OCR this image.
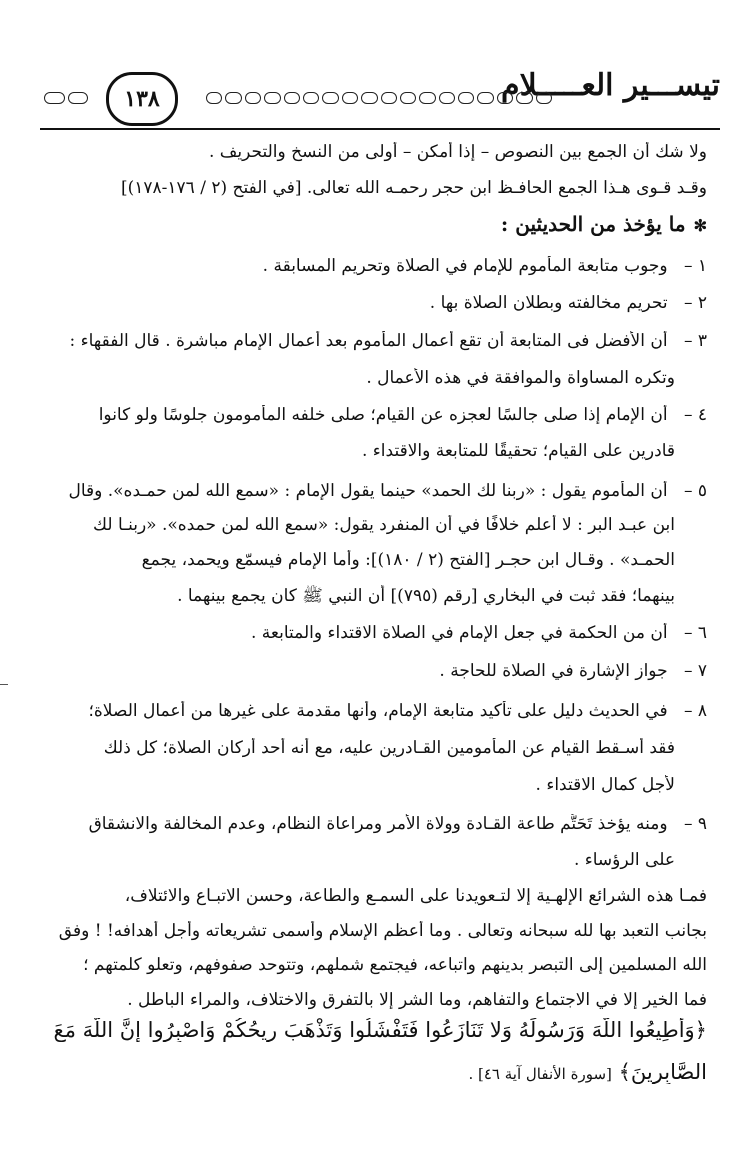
تيســـير العـــــلام
١٣٨
ولا شك أن الجمع بين النصوص – إذا أمكن – أولى من النسخ والتحريف .
وقـد قـوى هـذا الجمع الحافـظ ابن حجر رحمـه الله تعالى. [في الفتح (٢ / ١٧٦-١٧٨)]
✻ما يؤخذ من الحديثين :
١ – وجوب متابعة المأموم للإمام في الصلاة وتحريم المسابقة .
٢ – تحريم مخالفته وبطلان الصلاة بها .
٣ – أن الأفضل فى المتابعة أن تقع أعمال المأموم بعد أعمال الإمام مباشرة . قال الفقهاء :
وتكره المساواة والموافقة في هذه الأعمال .
٤ – أن الإمام إذا صلى جالسًا لعجزه عن القيام؛ صلى خلفه المأمومون جلوسًا ولو كانوا
قادرين على القيام؛ تحقيقًا للمتابعة والاقتداء .
٥ – أن المأموم يقول : «ربنا لك الحمد» حينما يقول الإمام : «سمع الله لمن حمـده». وقال
ابن عبـد البر : لا أعلم خلافًا في أن المنفرد يقول: «سمع الله لمن حمده». «ربنـا لك
الحمـد» . وقـال ابن حجـر [الفتح (٢ / ١٨٠)]: وأما الإمام فيسمّع ويحمد، يجمع
بينهما؛ فقد ثبت في البخاري [رقم (٧٩٥)] أن النبي ﷺ كان يجمع بينهما .
٦ – أن من الحكمة في جعل الإمام في الصلاة الاقتداء والمتابعة .
٧ – جواز الإشارة في الصلاة للحاجة .
٨ – في الحديث دليل على تأكيد متابعة الإمام، وأنها مقدمة على غيرها من أعمال الصلاة؛
فقد أسـقط القيام عن المأمومين القـادرين عليه، مع أنه أحد أركان الصلاة؛ كل ذلك
لأجل كمال الاقتداء .
٩ – ومنه يؤخذ تَحَتُّم طاعة القـادة وولاة الأمر ومراعاة النظام، وعدم المخالفة والانشقاق
على الرؤساء .
فمـا هذه الشرائع الإلهـية إلا لتـعويدنا على السمـع والطاعة، وحسن الاتبـاع والائتلاف،
بجانب التعبد بها لله سبحانه وتعالى . وما أعظم الإسلام وأسمى تشريعاته وأجل أهدافه! ! وفق
الله المسلمين إلى التبصر بدينهم واتباعه، فيجتمع شملهم، وتتوحد صفوفهم، وتعلو كلمتهم ؛
فما الخير إلا في الاجتماع والتفاهم، وما الشر إلا بالتفرق والاختلاف، والمراء الباطل .
﴿وَأَطِيعُوا اللَّهَ وَرَسُولَهُ وَلا تَنَازَعُوا فَتَفْشَلُوا وَتَذْهَبَ رِيحُكُمْ وَاصْبِرُوا إِنَّ اللَّهَ مَعَ
الصَّابِرِينَ﴾ [سورة الأنفال آية ٤٦] .
